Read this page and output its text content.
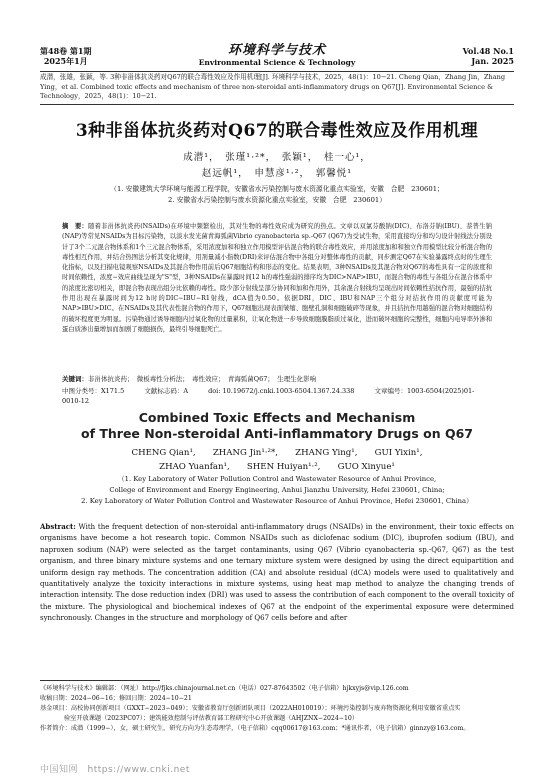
第48卷 第1期
2025年1月
环境科学与技术
Environmental Science & Technology
Vol.48 No.1
Jan. 2025
成潜，张雄，张颖，等. 3种非甾体抗炎药对Q67的联合毒性效应及作用机理[J]. 环境科学与技术，2025，48(1)：10−21. Cheng Qian，Zhang Jin，Zhang Ying，et al. Combined toxic effects and mechanism of three non-steroidal anti-inflammatory drugs on Q67[J]. Environmental Science & Technology，2025，48(1)：10−21.
3种非甾体抗炎药对Q67的联合毒性效应及作用机理
成潜¹，　张瑾¹·²*，　张颖¹，　桂一心¹，
赵远帆¹，　申慧彦¹·²，　郭馨悦¹
（1. 安徽建筑大学环境与能源工程学院，安徽省水污染控制与废水资源化重点实验室，安徽　合肥　230601；
2. 安徽省水污染控制与废水资源化重点实验室，安徽　合肥　230601）
摘　要：随着非甾体抗炎药(NSAIDs)在环境中频繁检出，其对生物的毒性效应成为研究的热点。文章以双氯芬酸钠(DIC)、布洛芬钠(IBU)、萘普生钠(NAP)等常见NSAIDs为目标污染物，以淡水发光菌青海弧菌Vibrio cyanobacteria sp.-Q67 (Q67)为受试生物，采用直接均分和均匀设计射线法分别设计了3个二元混合物体系和1个三元混合物体系，采用浓度加和和独立作用模型评估混合物的联合毒性效应，并用浓度加和和独立作用模型比较分析混合物的毒性相互作用，并结合热图法分析其变化规律，用剂量减小指数(DRI)来评估混合物中各组分对整体毒性的贡献，同步测定Q67在实验暴露终点时的生理生化指标，以及扫描电镜观察NSAIDs及其混合物作用前后Q67细胞结构和形态的变化。结果表明，3种NSAIDs及其混合物对Q67的毒性具有一定的浓度和时间依赖性，浓度−效应曲线呈现为"S"型，3种NSAIDs在暴露时间12 h的毒性强弱的排序均为DIC>NAP>IBU，而混合物的毒性与各组分在混合体系中的浓度比密切相关，即混合物表现出组分比依赖的毒性。除少部分射线呈部分协同和加和作用外，其余混合射线均呈现出时间依赖性拮抗作用，最强的拮抗作用出现在暴露时间为12 h时的DIC−IBU−R1射线，dCA值为0.50。依据DRI，DIC、IBU和NAP三个组分对拮抗作用的贡献度可能为NAP>IBU>DIC。在NSAIDs及其代表性混合物的作用下，Q67细胞出现表面皱缩、胞壁孔洞和细胞破碎等现象，并且拮抗作用越强的混合物对细胞结构的破坏程度更为明显。污染物通过诱导细胞内过氧化物的过量累积，让氧化物进一步导致细胞膜脂质过氧化，进而破坏细胞的完整性，细胞内电导率外渗和蛋白质渗出量增加而加剧了细胞损伤，最终引导细胞死亡。
关键词：非甾体抗炎药；　微板毒性分析法；　毒性效应；　青海弧菌Q67；　生理生化影响
中图分类号：X171.5	文献标志码：A	doi: 10.19672/j.cnki.1003-6504.1367.24.338	文章编号：1003-6504(2025)01-0010-12
Combined Toxic Effects and Mechanism
of Three Non-steroidal Anti-inflammatory Drugs on Q67
CHENG Qian¹,　　ZHANG Jin¹·²*,　　ZHANG Ying¹,　　GUI Yixin¹,
ZHAO Yuanfan¹,　　SHEN Huiyan¹·²,　　GUO Xinyue¹
（1. Key Laboratory of Water Pollution Control and Wastewater Resource of Anhui Province,
College of Environment and Energy Engineering, Anhui Jianzhu University, Hefei 230601, China;
2. Key Laboratory of Water Pollution Control and Wastewater Resource of Anhui Province, Hefei 230601, China）
Abstract: With the frequent detection of non-steroidal anti-inflammatory drugs (NSAIDs) in the environment, their toxic effects on organisms have become a hot research topic. Common NSAIDs such as diclofenac sodium (DIC), ibuprofen sodium (IBU), and naproxen sodium (NAP) were selected as the target contaminants, using Q67 (Vibrio cyanobacteria sp.-Q67, Q67) as the test organism, and three binary mixture systems and one ternary mixture system were designed by using the direct equipartition and uniform design ray methods. The concentration addition (CA) and absolute residual (dCA) models were used to qualitatively and quantitatively analyze the toxicity interactions in mixture systems, using heat map method to analyze the changing trends of interaction intensity. The dose reduction index (DRI) was used to assess the contribution of each component to the overall toxicity of the mixture. The physiological and biochemical indexes of Q67 at the endpoint of the experimental exposure were determined synchronously. Changes in the structure and morphology of Q67 cells before and after
《环境科学与技术》编辑部：（网址）http://fjks.chinajournal.net.cn（电话）027-87643502（电子信箱）hjkxyjs@vip.126.com
收稿日期：2024−06−16；修回日期：2024−10−21
基金项目：高校协同创新项目（GXXT−2023−049）；安徽省教育厅创新团队项目（2022AH010019）；环境污染控制与废弃物资源化利用安徽省重点实
验室开放课题（2023PC07）；建筑能效控制与评估教育部工程研究中心开放课题（AHJZNX−2024−10）
作者简介：成潜（1999−），女，硕士研究生，研究方向为生态毒理学，（电子信箱）cqq00617@163.com；*通讯作者，（电子信箱）ginnzy@163.com。
中国知网　https://www.cnki.net
